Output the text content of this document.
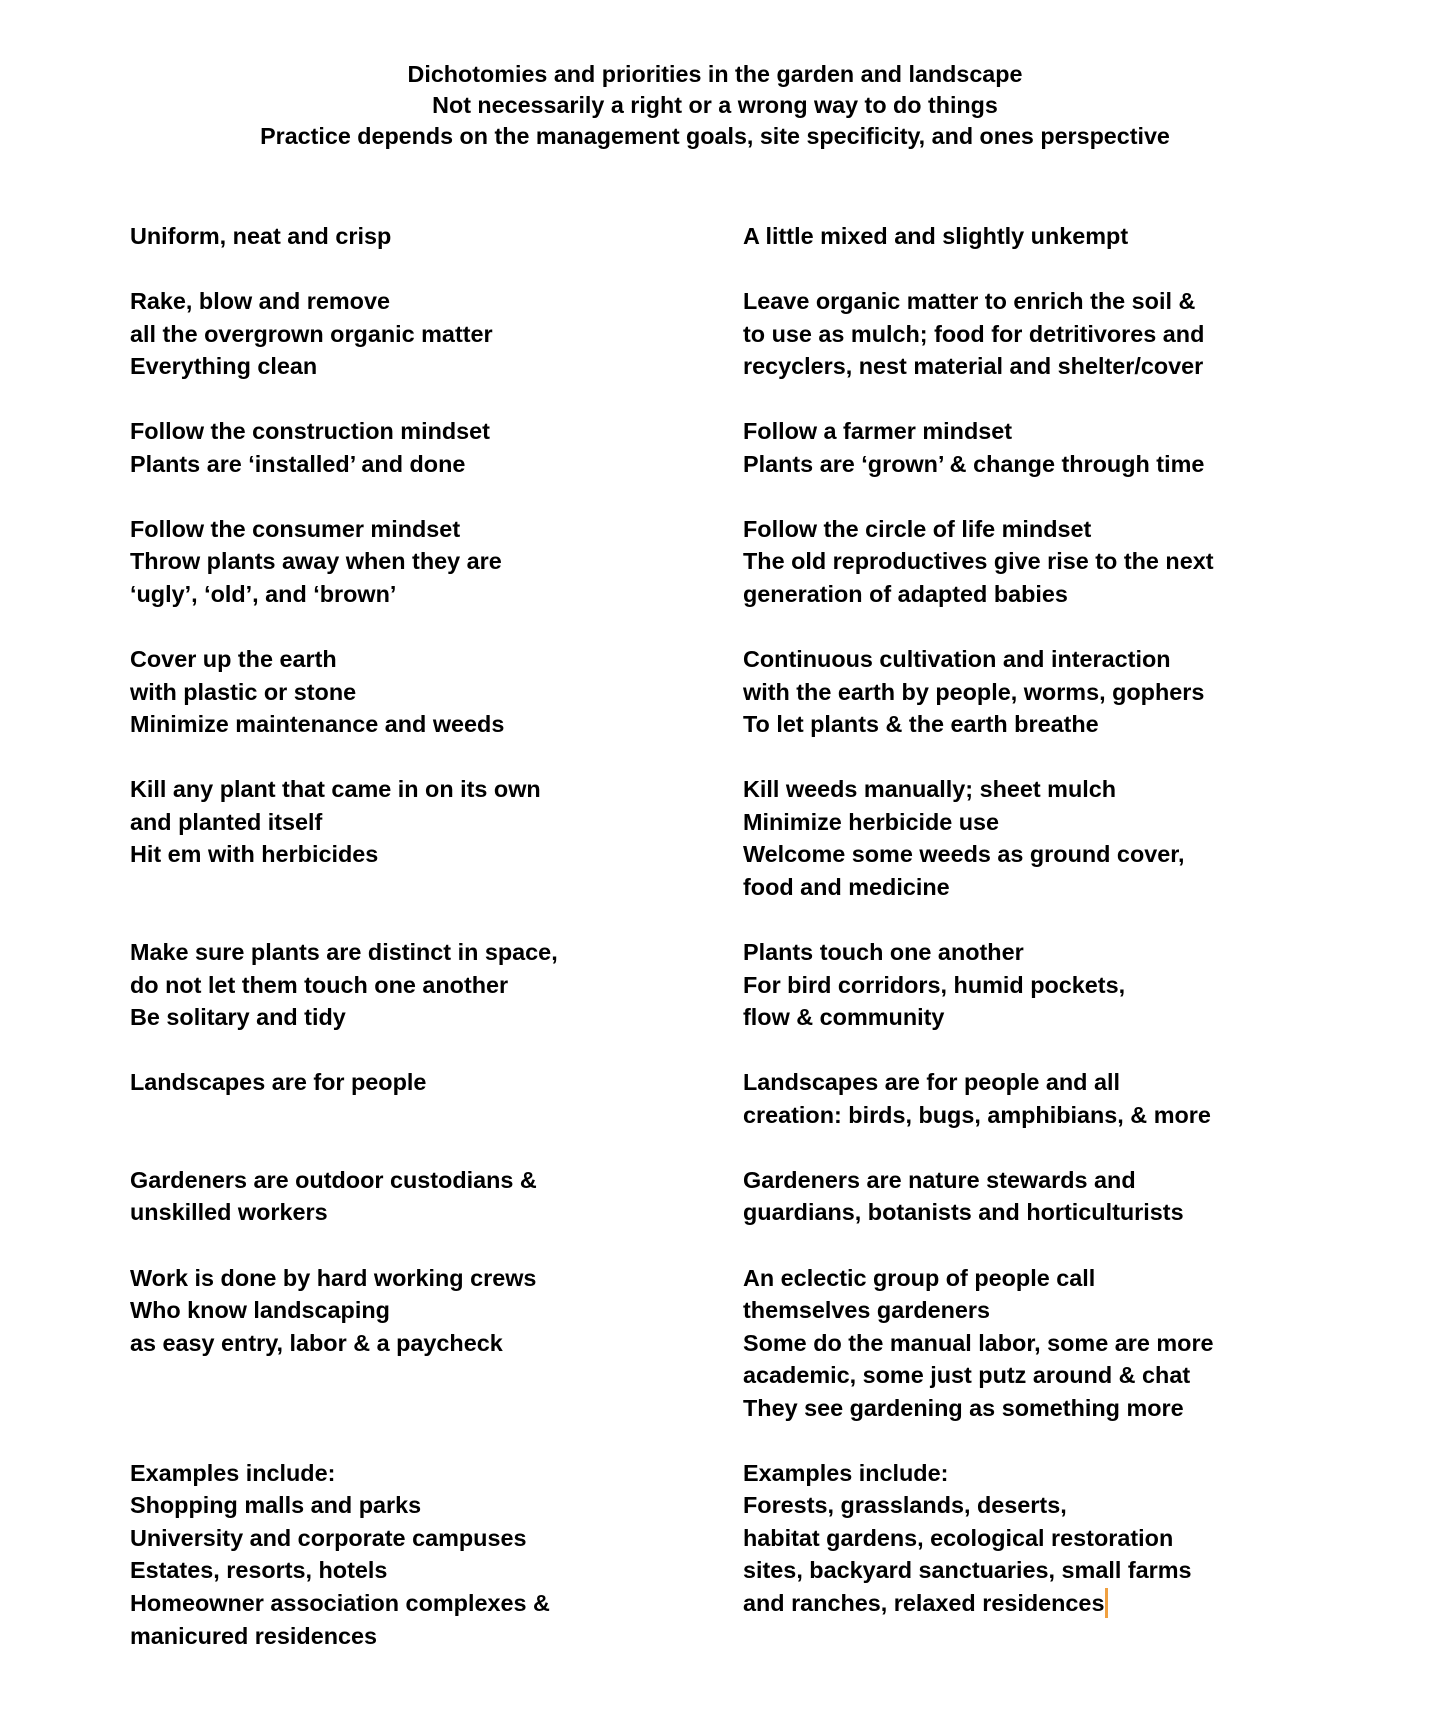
Dichotomies and priorities in the garden and landscape
Not necessarily a right or a wrong way to do things
Practice depends on the management goals, site specificity, and ones perspective
Uniform, neat and crisp	A little mixed and slightly unkempt
Rake, blow and remove
all the overgrown organic matter
Everything clean
Leave organic matter to enrich the soil &
to use as mulch; food for detritivores and
recyclers, nest material and shelter/cover
Follow the construction mindset
Plants are ‘installed’ and done
Follow a farmer mindset
Plants are ‘grown’ & change through time
Follow the consumer mindset
Throw plants away when they are
‘ugly’, ‘old’, and ‘brown’
Follow the circle of life mindset
The old reproductives give rise to the next
generation of adapted babies
Cover up the earth
with plastic or stone
Minimize maintenance and weeds
Continuous cultivation and interaction
with the earth by people, worms, gophers
To let plants & the earth breathe
Kill any plant that came in on its own
and planted itself
Hit em with herbicides
Kill weeds manually; sheet mulch
Minimize herbicide use
Welcome some weeds as ground cover,
food and medicine
Make sure plants are distinct in space,
do not let them touch one another
Be solitary and tidy
Plants touch one another
For bird corridors, humid pockets,
flow & community
Landscapes are for people	Landscapes are for people and all
creation: birds, bugs, amphibians, & more
Gardeners are outdoor custodians &
unskilled workers
Gardeners are nature stewards and
guardians, botanists and horticulturists
Work is done by hard working crews
Who know landscaping
as easy entry, labor & a paycheck
An eclectic group of people call
themselves gardeners
Some do the manual labor, some are more
academic, some just putz around & chat
They see gardening as something more
Examples include:
Shopping malls and parks
University and corporate campuses
Estates, resorts, hotels
Homeowner association complexes &
manicured residences
Examples include:
Forests, grasslands, deserts,
habitat gardens, ecological restoration
sites, backyard sanctuaries, small farms
and ranches, relaxed residences
